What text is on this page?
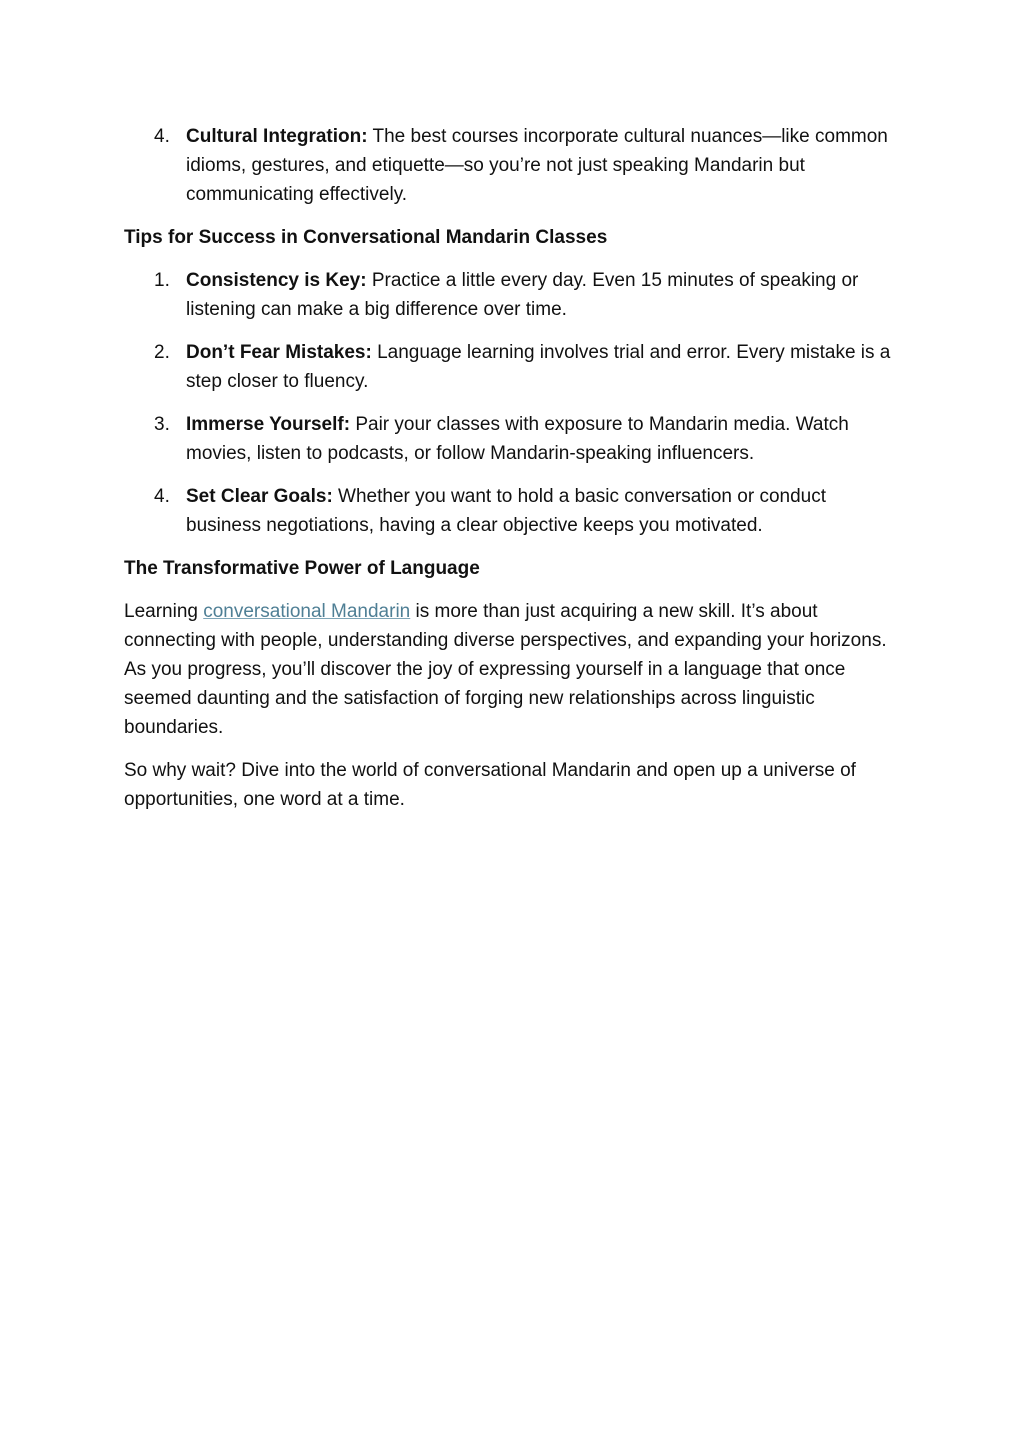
4. Cultural Integration: The best courses incorporate cultural nuances—like common idioms, gestures, and etiquette—so you’re not just speaking Mandarin but communicating effectively.
Tips for Success in Conversational Mandarin Classes
1. Consistency is Key: Practice a little every day. Even 15 minutes of speaking or listening can make a big difference over time.
2. Don’t Fear Mistakes: Language learning involves trial and error. Every mistake is a step closer to fluency.
3. Immerse Yourself: Pair your classes with exposure to Mandarin media. Watch movies, listen to podcasts, or follow Mandarin-speaking influencers.
4. Set Clear Goals: Whether you want to hold a basic conversation or conduct business negotiations, having a clear objective keeps you motivated.
The Transformative Power of Language

Learning conversational Mandarin is more than just acquiring a new skill. It’s about connecting with people, understanding diverse perspectives, and expanding your horizons. As you progress, you’ll discover the joy of expressing yourself in a language that once seemed daunting and the satisfaction of forging new relationships across linguistic boundaries.

So why wait? Dive into the world of conversational Mandarin and open up a universe of opportunities, one word at a time.
